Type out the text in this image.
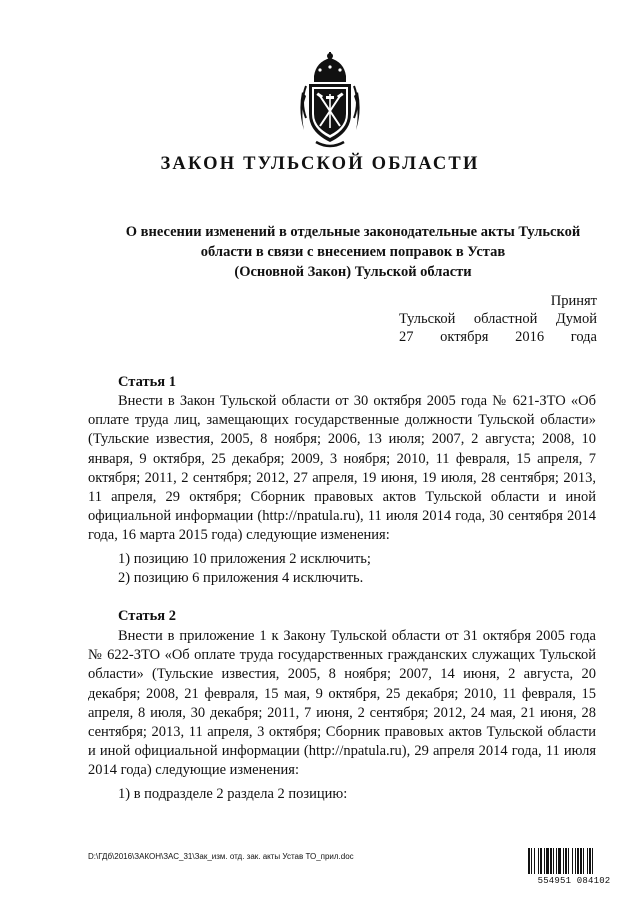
ЗАКОН ТУЛЬСКОЙ ОБЛАСТИ
О внесении изменений в отдельные законодательные акты Тульской
области в связи с внесением поправок в Устав
(Основной Закон) Тульской области
Принят
Тульской областной Думой
27 октября 2016 года
Статья 1
Внести в Закон Тульской области от 30 октября 2005 года № 621-ЗТО «Об оплате труда лиц, замещающих государственные должности Тульской области» (Тульские известия, 2005, 8 ноября; 2006, 13 июля; 2007, 2 августа; 2008, 10 января, 9 октября, 25 декабря; 2009, 3 ноября; 2010, 11 февраля, 15 апреля, 7 октября; 2011, 2 сентября; 2012, 27 апреля, 19 июня, 19 июля, 28 сентября; 2013, 11 апреля, 29 октября; Сборник правовых актов Тульской области и иной официальной информации (http://npatula.ru), 11 июля 2014 года, 30 сентября 2014 года, 16 марта 2015 года) следующие изменения:
1) позицию 10 приложения 2 исключить;
2) позицию 6 приложения 4 исключить.
Статья 2
Внести в приложение 1 к Закону Тульской области от 31 октября 2005 года № 622-ЗТО «Об оплате труда государственных гражданских служащих Тульской области» (Тульские известия, 2005, 8 ноября; 2007, 14 июня, 2 августа, 20 декабря; 2008, 21 февраля, 15 мая, 9 октября, 25 декабря; 2010, 11 февраля, 15 апреля, 8 июля, 30 декабря; 2011, 7 июня, 2 сентября; 2012, 24 мая, 21 июня, 28 сентября; 2013, 11 апреля, 3 октября; Сборник правовых актов Тульской области и иной официальной информации (http://npatula.ru), 29 апреля 2014 года, 11 июля 2014 года) следующие изменения:
1) в подразделе 2 раздела 2 позицию:
D:\ГДб\2016\ЗАКОН\ЗАС_31\Зак_изм. отд. зак. акты Устав ТО_прил.doc
554951 084102
